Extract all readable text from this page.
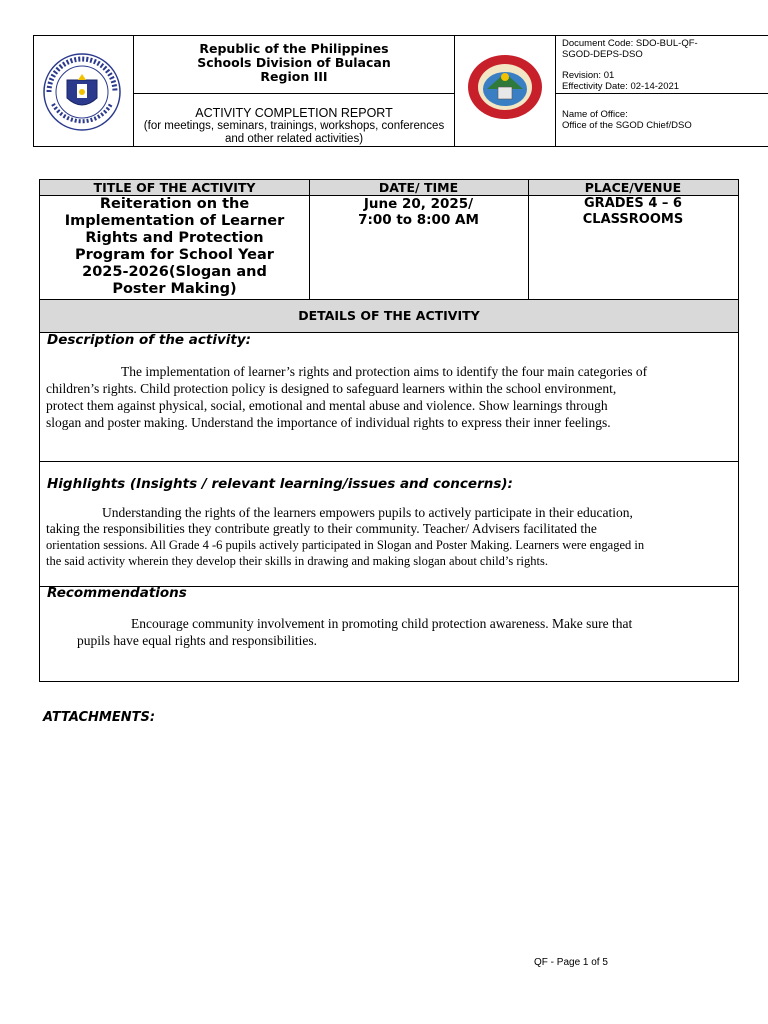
Republic of the Philippines
Schools Division of Bulacan
Region III
ACTIVITY COMPLETION REPORT
(for meetings, seminars, trainings, workshops, conferences
and other related activities)
Document Code: SDO-BUL-QF-
SGOD-DEPS-DSO
Revision: 01
Effectivity Date: 02-14-2021
Name of Office:
Office of the SGOD Chief/DSO
TITLE OF THE ACTIVITY	DATE/ TIME	PLACE/VENUE
Reiteration on the
Implementation of Learner
Rights and Protection
Program for School Year
2025-2026(Slogan and
Poster Making)
June 20, 2025/
7:00 to 8:00 AM
GRADES 4 – 6
CLASSROOMS
DETAILS OF THE ACTIVITY
Description of the activity:
The implementation of learner’s rights and protection aims to identify the four main categories of
children’s rights. Child protection policy is designed to safeguard learners within the school environment,
protect them against physical, social, emotional and mental abuse and violence. Show learnings through
slogan and poster making. Understand the importance of individual rights to express their inner feelings.
Highlights (Insights / relevant learning/issues and concerns):
Understanding the rights of the learners empowers pupils to actively participate in their education,
taking the responsibilities they contribute greatly to their community. Teacher/ Advisers facilitated the
orientation sessions. All Grade 4 -6 pupils actively participated in Slogan and Poster Making. Learners were engaged in
the said activity wherein they develop their skills in drawing and making slogan about child’s rights.
Recommendations
Encourage community involvement in promoting child protection awareness. Make sure that
pupils have equal rights and responsibilities.
ATTACHMENTS:
QF - Page 1 of 5
